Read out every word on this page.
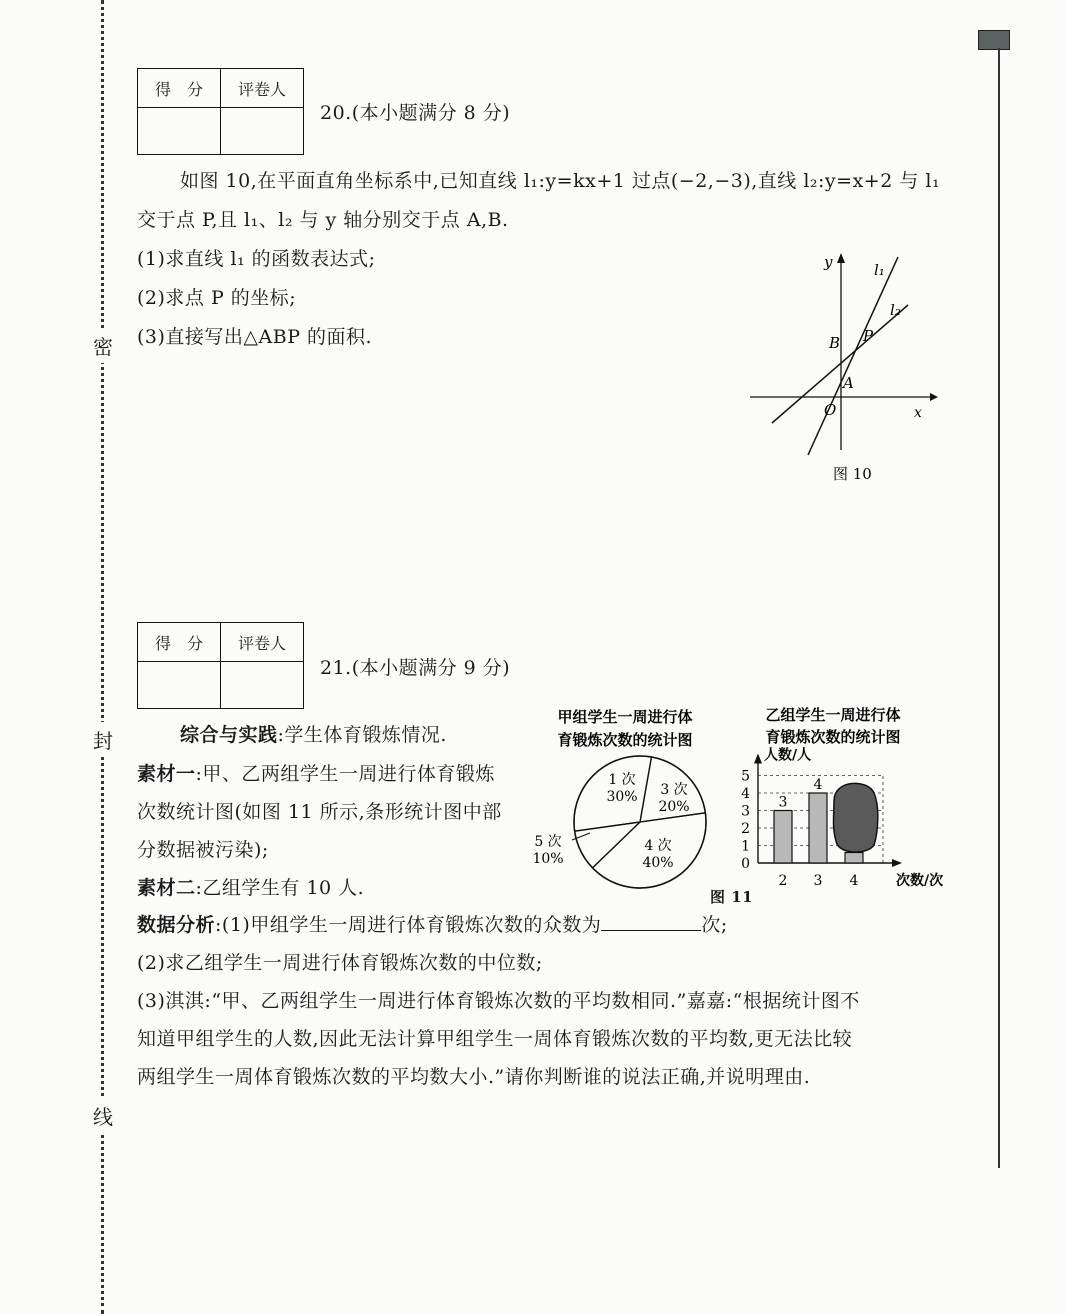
密
封
线
得　分	评卷人

20.(本小题满分 8 分)
如图 10,在平面直角坐标系中,已知直线 l₁:y=kx+1 过点(−2,−3),直线 l₂:y=x+2 与 l₁
交于点 P,且 l₁、l₂ 与 y 轴分别交于点 A,B.
(1)求直线 l₁ 的函数表达式;
(2)求点 P 的坐标;
(3)直接写出△ABP 的面积.
y
x
O
l₁
l₂
A
B P
图 10
得　分	评卷人

21.(本小题满分 9 分)
综合与实践:学生体育锻炼情况.
素材一:甲、乙两组学生一周进行体育锻炼
次数统计图(如图 11 所示,条形统计图中部
分数据被污染);
素材二:乙组学生有 10 人.
数据分析:(1)甲组学生一周进行体育锻炼次数的众数为	次;
(2)求乙组学生一周进行体育锻炼次数的中位数;
(3)淇淇:“甲、乙两组学生一周进行体育锻炼次数的平均数相同.”嘉嘉:“根据统计图不
知道甲组学生的人数,因此无法计算甲组学生一周体育锻炼次数的平均数,更无法比较
两组学生一周体育锻炼次数的平均数大小.”请你判断谁的说法正确,并说明理由.
甲组学生一周进行体
育锻炼次数的统计图
3 次
20%
4 次
40%
5 次
10%
1 次
30%
乙组学生一周进行体
育锻炼次数的统计图
人数/人
次数/次
0
1
2
3
4
5
2
3
3
4
4
图 11
